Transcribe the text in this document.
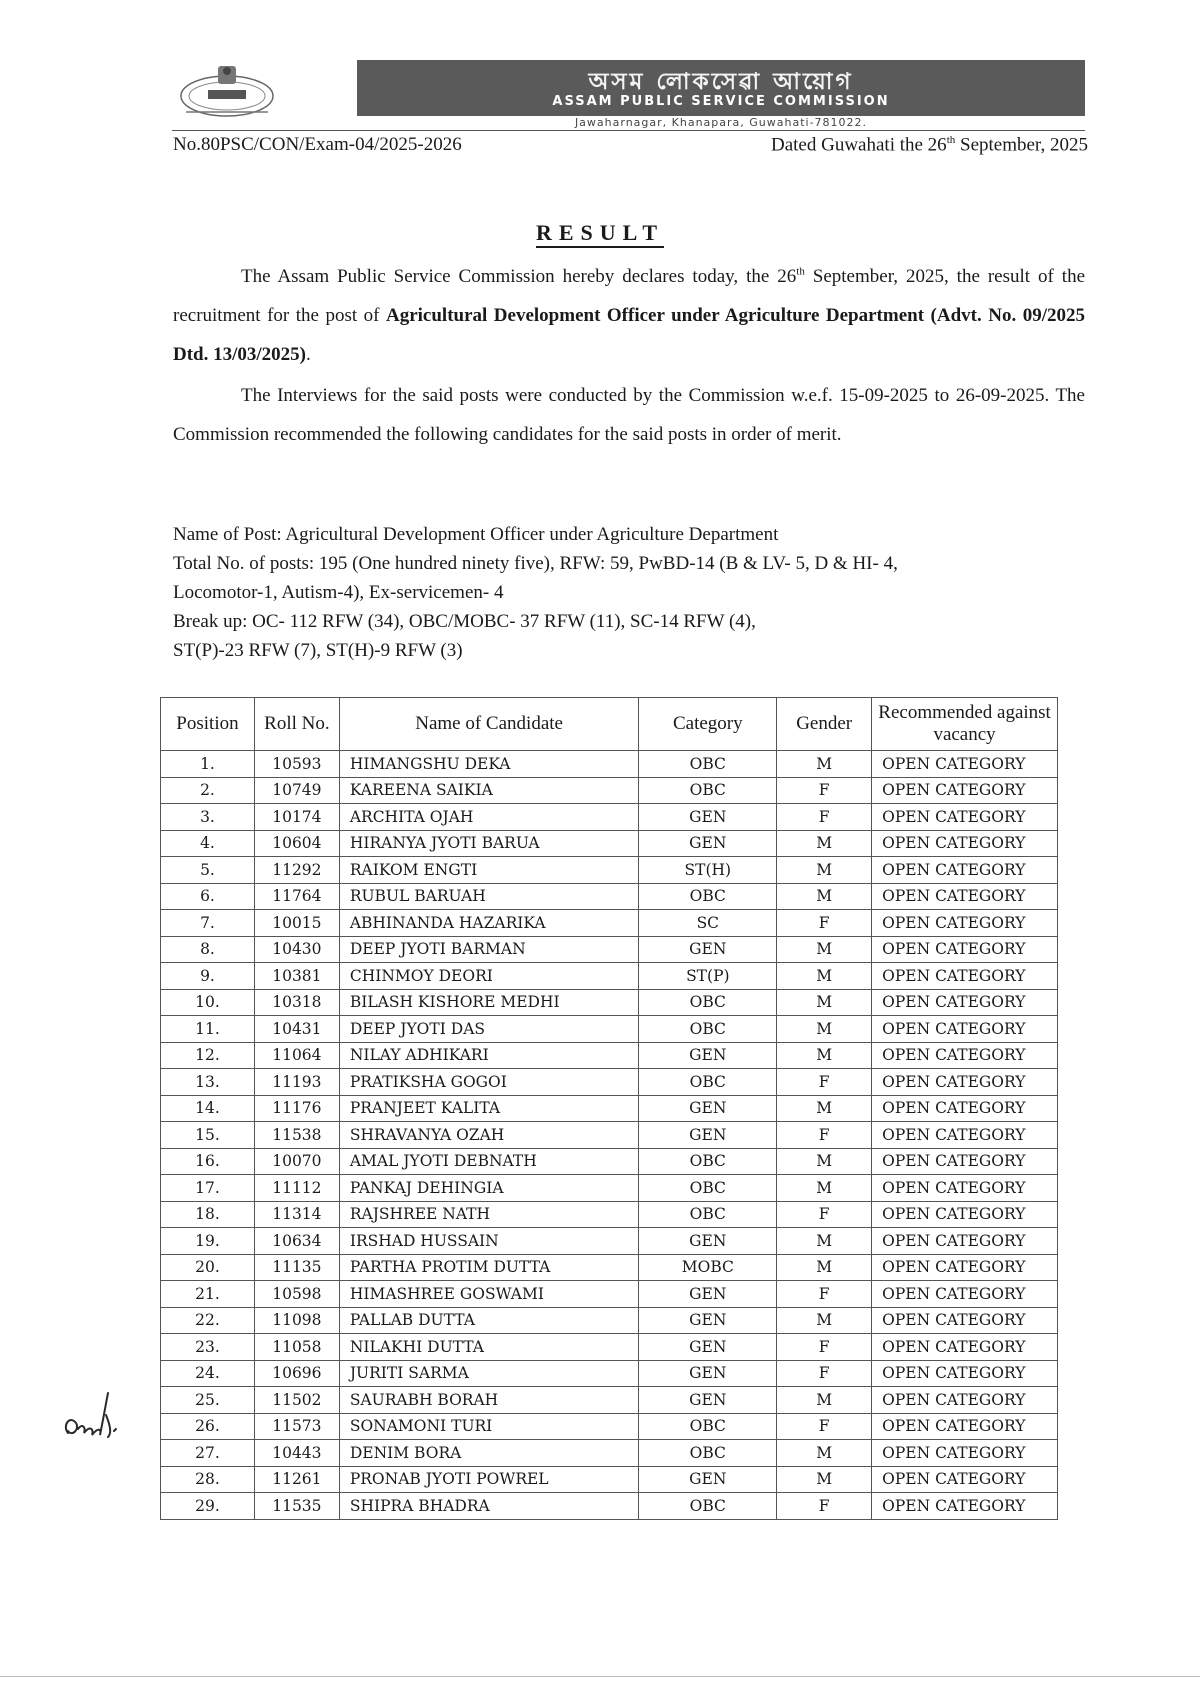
অসম লোকসেৱা আয়োগ
ASSAM PUBLIC SERVICE COMMISSION
Jawaharnagar, Khanapara, Guwahati-781022.
No.80PSC/CON/Exam-04/2025-2026	Dated Guwahati the 26th September, 2025
RESULT
The Assam Public Service Commission hereby declares today, the 26th September, 2025, the result of the recruitment for the post of Agricultural Development Officer under Agriculture Department (Advt. No. 09/2025 Dtd. 13/03/2025).
The Interviews for the said posts were conducted by the Commission w.e.f. 15-09-2025 to 26-09-2025. The Commission recommended the following candidates for the said posts in order of merit.
Name of Post: Agricultural Development Officer under Agriculture Department
Total No. of posts: 195 (One hundred ninety five), RFW: 59, PwBD-14 (B & LV- 5, D & HI- 4,
Locomotor-1, Autism-4), Ex-servicemen- 4
Break up: OC- 112 RFW (34), OBC/MOBC- 37 RFW (11), SC-14 RFW (4),
ST(P)-23 RFW (7), ST(H)-9 RFW (3)
Position	Roll No.	Name of Candidate	Category	Gender	Recommended against vacancy
1.	10593	HIMANGSHU DEKA	OBC	M	OPEN CATEGORY
2.	10749	KAREENA SAIKIA	OBC	F	OPEN CATEGORY
3.	10174	ARCHITA OJAH	GEN	F	OPEN CATEGORY
4.	10604	HIRANYA JYOTI BARUA	GEN	M	OPEN CATEGORY
5.	11292	RAIKOM ENGTI	ST(H)	M	OPEN CATEGORY
6.	11764	RUBUL BARUAH	OBC	M	OPEN CATEGORY
7.	10015	ABHINANDA HAZARIKA	SC	F	OPEN CATEGORY
8.	10430	DEEP JYOTI BARMAN	GEN	M	OPEN CATEGORY
9.	10381	CHINMOY DEORI	ST(P)	M	OPEN CATEGORY
10.	10318	BILASH KISHORE MEDHI	OBC	M	OPEN CATEGORY
11.	10431	DEEP JYOTI DAS	OBC	M	OPEN CATEGORY
12.	11064	NILAY ADHIKARI	GEN	M	OPEN CATEGORY
13.	11193	PRATIKSHA GOGOI	OBC	F	OPEN CATEGORY
14.	11176	PRANJEET KALITA	GEN	M	OPEN CATEGORY
15.	11538	SHRAVANYA OZAH	GEN	F	OPEN CATEGORY
16.	10070	AMAL JYOTI DEBNATH	OBC	M	OPEN CATEGORY
17.	11112	PANKAJ DEHINGIA	OBC	M	OPEN CATEGORY
18.	11314	RAJSHREE NATH	OBC	F	OPEN CATEGORY
19.	10634	IRSHAD HUSSAIN	GEN	M	OPEN CATEGORY
20.	11135	PARTHA PROTIM DUTTA	MOBC	M	OPEN CATEGORY
21.	10598	HIMASHREE GOSWAMI	GEN	F	OPEN CATEGORY
22.	11098	PALLAB DUTTA	GEN	M	OPEN CATEGORY
23.	11058	NILAKHI DUTTA	GEN	F	OPEN CATEGORY
24.	10696	JURITI SARMA	GEN	F	OPEN CATEGORY
25.	11502	SAURABH BORAH	GEN	M	OPEN CATEGORY
26.	11573	SONAMONI TURI	OBC	F	OPEN CATEGORY
27.	10443	DENIM BORA	OBC	M	OPEN CATEGORY
28.	11261	PRONAB JYOTI POWREL	GEN	M	OPEN CATEGORY
29.	11535	SHIPRA BHADRA	OBC	F	OPEN CATEGORY
